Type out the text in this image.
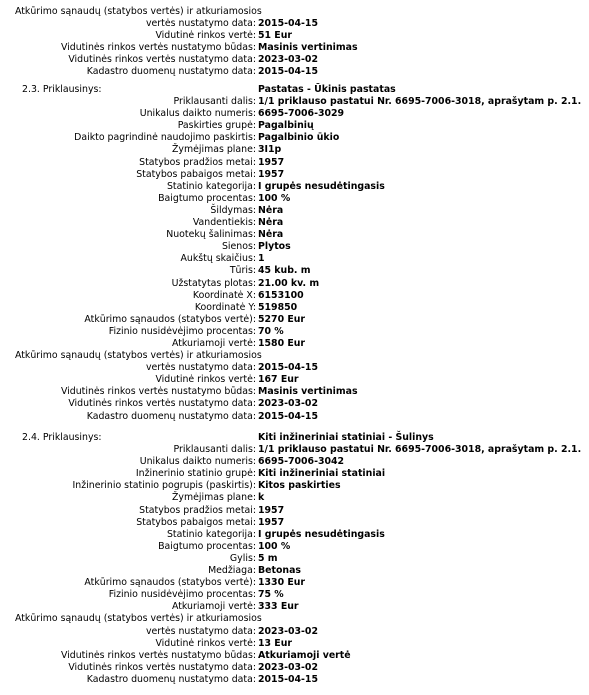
Atkūrimo sąnaudų (statybos vertės) ir atkuriamosios
vertės nustatymo data: 2015-04-15
Vidutinė rinkos vertė: 51 Eur
Vidutinės rinkos vertės nustatymo būdas: Masinis vertinimas
Vidutinės rinkos vertės nustatymo data: 2023-03-02
Kadastro duomenų nustatymo data: 2015-04-15
2.3. Priklausinys:	Pastatas - Ūkinis pastatas
Priklausanti dalis: 1/1 priklauso pastatui Nr. 6695-7006-3018, aprašytam p. 2.1.
Unikalus daikto numeris: 6695-7006-3029
Paskirties grupė: Pagalbinių
Daikto pagrindinė naudojimo paskirtis: Pagalbinio ūkio
Žymėjimas plane: 3I1p
Statybos pradžios metai: 1957
Statybos pabaigos metai: 1957
Statinio kategorija: I grupės nesudėtingasis
Baigtumo procentas: 100 %
Šildymas: Nėra
Vandentiekis: Nėra
Nuotekų šalinimas: Nėra
Sienos: Plytos
Aukštų skaičius: 1
Tūris: 45 kub. m
Užstatytas plotas: 21.00 kv. m
Koordinatė X: 6153100
Koordinatė Y: 519850
Atkūrimo sąnaudos (statybos vertė): 5270 Eur
Fizinio nusidėvėjimo procentas: 70 %
Atkuriamoji vertė: 1580 Eur
Atkūrimo sąnaudų (statybos vertės) ir atkuriamosios
vertės nustatymo data: 2015-04-15
Vidutinė rinkos vertė: 167 Eur
Vidutinės rinkos vertės nustatymo būdas: Masinis vertinimas
Vidutinės rinkos vertės nustatymo data: 2023-03-02
Kadastro duomenų nustatymo data: 2015-04-15
2.4. Priklausinys:	Kiti inžineriniai statiniai - Šulinys
Priklausanti dalis: 1/1 priklauso pastatui Nr. 6695-7006-3018, aprašytam p. 2.1.
Unikalus daikto numeris: 6695-7006-3042
Inžinerinio statinio grupė: Kiti inžineriniai statiniai
Inžinerinio statinio pogrupis (paskirtis): Kitos paskirties
Žymėjimas plane: k
Statybos pradžios metai: 1957
Statybos pabaigos metai: 1957
Statinio kategorija: I grupės nesudėtingasis
Baigtumo procentas: 100 %
Gylis: 5 m
Medžiaga: Betonas
Atkūrimo sąnaudos (statybos vertė): 1330 Eur
Fizinio nusidėvėjimo procentas: 75 %
Atkuriamoji vertė: 333 Eur
Atkūrimo sąnaudų (statybos vertės) ir atkuriamosios
vertės nustatymo data: 2023-03-02
Vidutinė rinkos vertė: 13 Eur
Vidutinės rinkos vertės nustatymo būdas: Atkuriamoji vertė
Vidutinės rinkos vertės nustatymo data: 2023-03-02
Kadastro duomenų nustatymo data: 2015-04-15
